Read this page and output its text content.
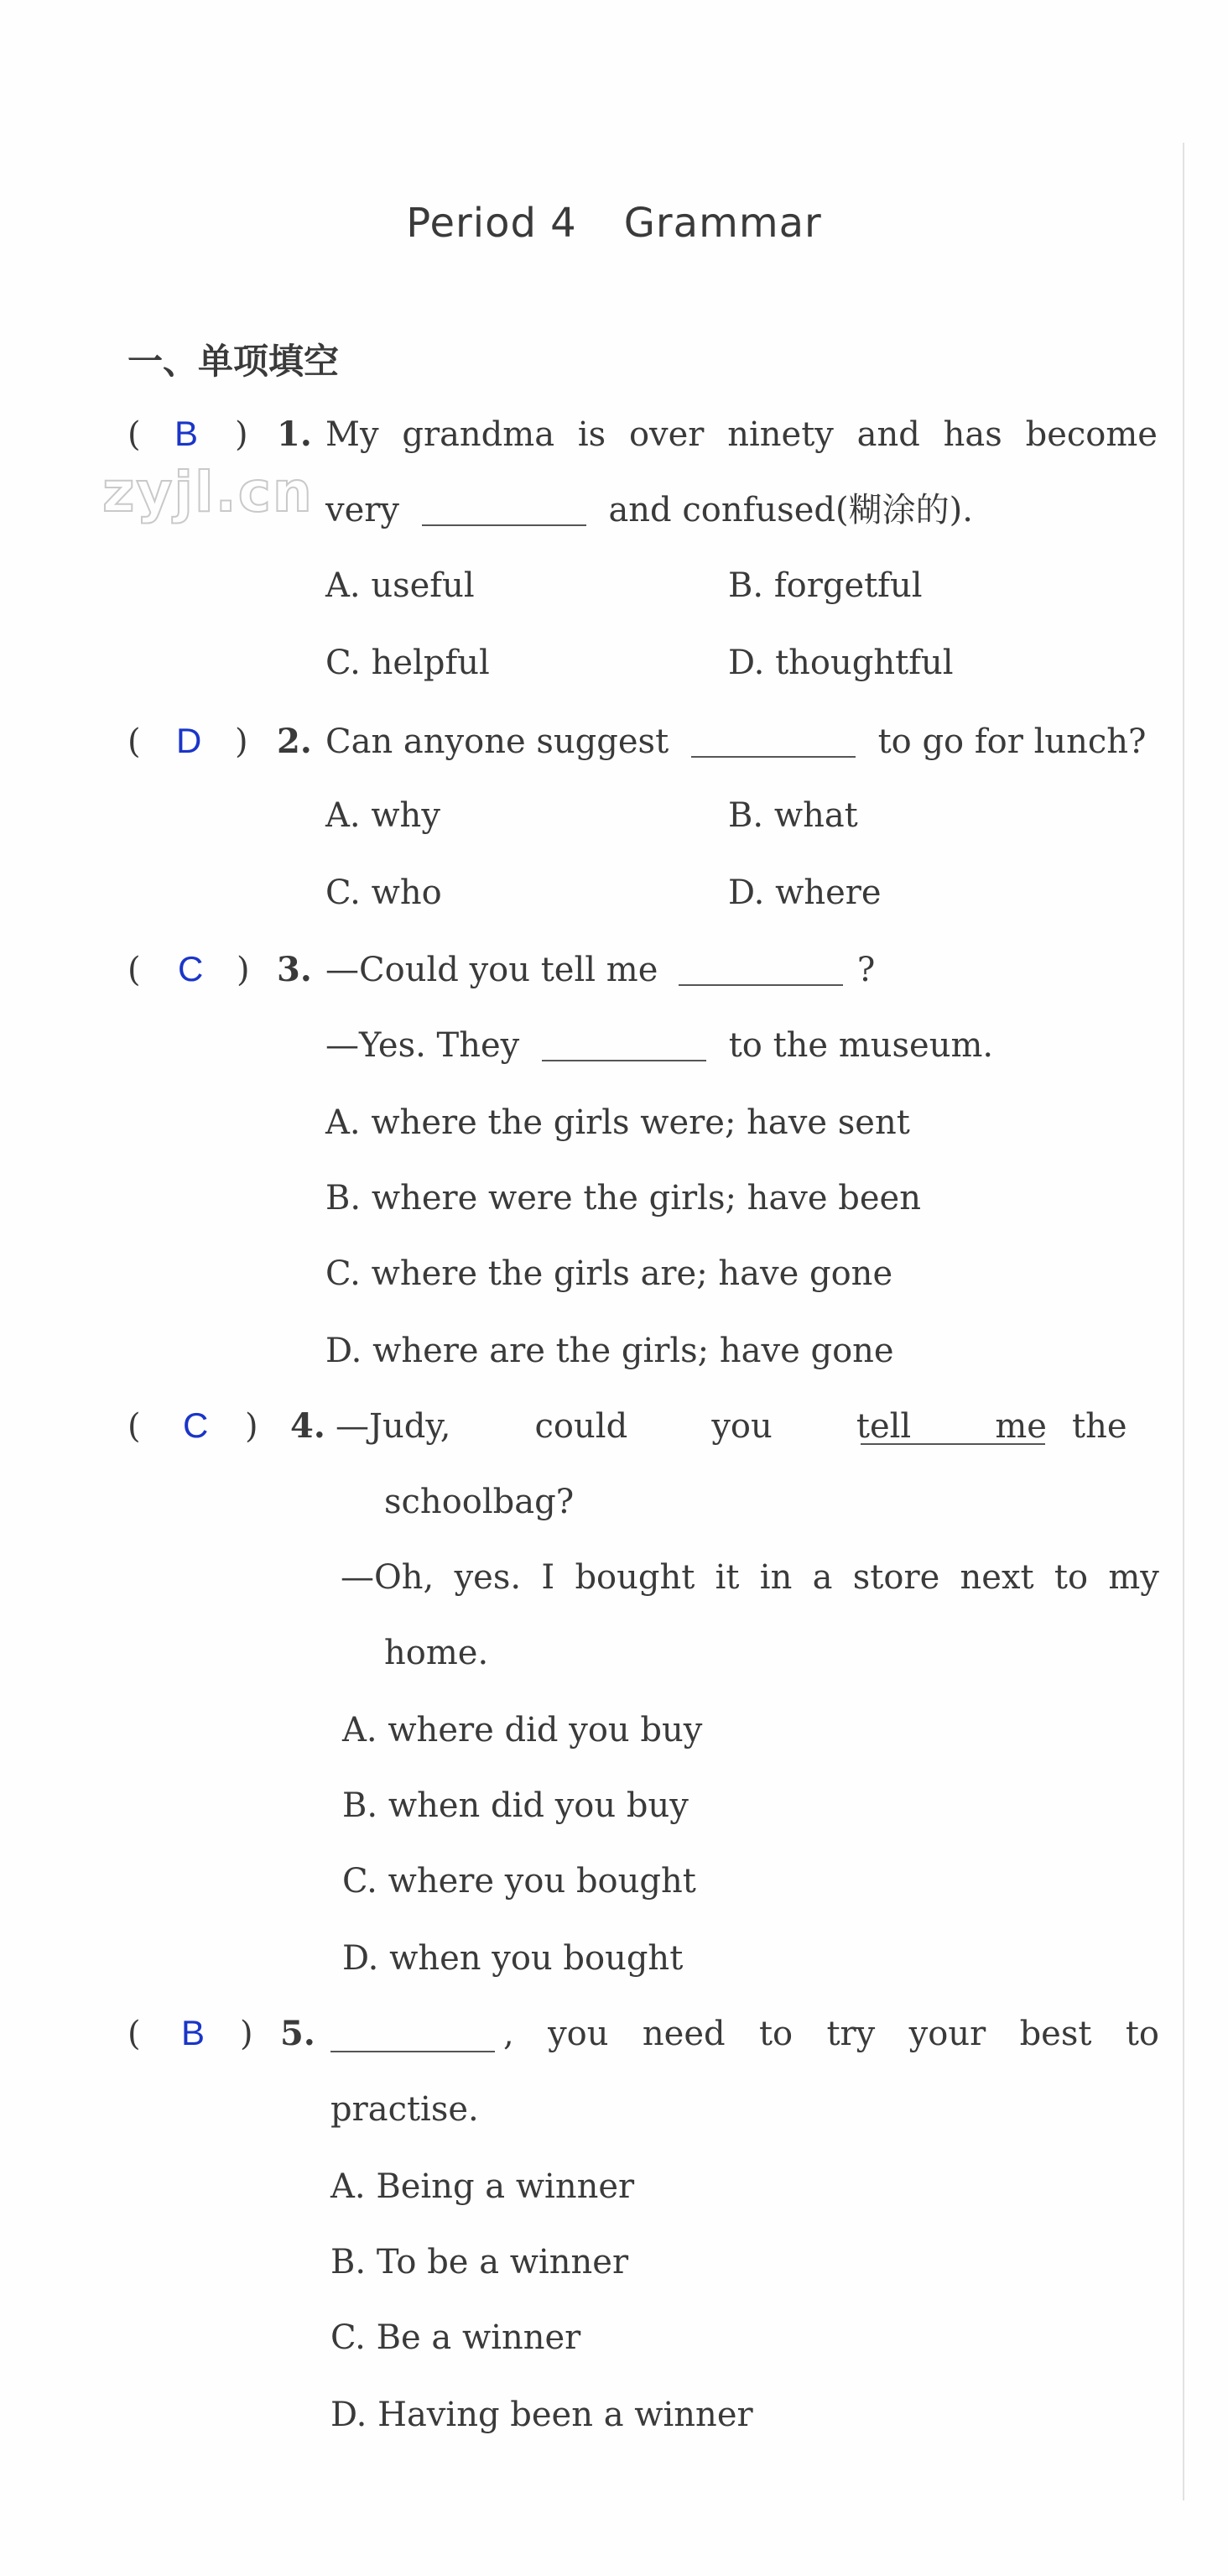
Period 4 Grammar
一、单项填空
zyjl.cn
( B ) 1. My grandma is over ninety and has become
very	and confused(糊涂的).
A. useful	B. forgetful
C. helpful	D. thoughtful
( D ) 2. Can anyone suggest	to go for lunch?
A. why	B. what
C. who	D. where
( C ) 3. —Could you tell me	?
—Yes. They	to the museum.
A. where the girls were; have sent
B. where were the girls; have been
C. where the girls are; have gone
D. where are the girls; have gone
( C ) 4. —Judy,	could	you	tell	me the
schoolbag?
—Oh, yes. I bought it in a store next to my
home.
A. where did you buy
B. when did you buy
C. where you bought
D. when you bought
( B ) 5.	, you need to try your best to
practise.
A. Being a winner
B. To be a winner
C. Be a winner
D. Having been a winner
